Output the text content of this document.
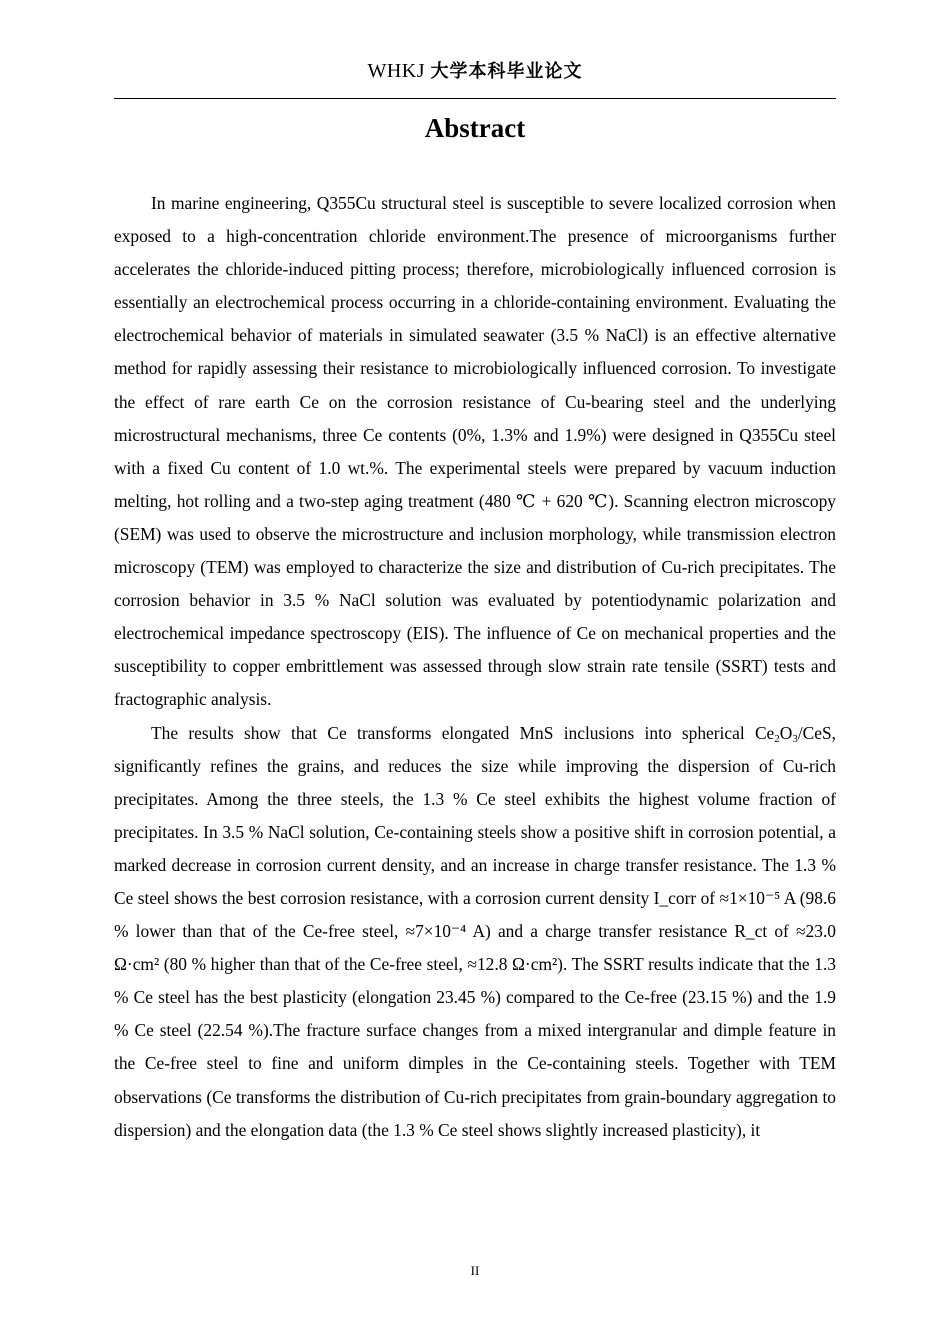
WHKJ 大学本科毕业论文
Abstract

In marine engineering, Q355Cu structural steel is susceptible to severe localized corrosion when exposed to a high-concentration chloride environment.The presence of microorganisms further accelerates the chloride-induced pitting process; therefore, microbiologically influenced corrosion is essentially an electrochemical process occurring in a chloride-containing environment. Evaluating the electrochemical behavior of materials in simulated seawater (3.5 % NaCl) is an effective alternative method for rapidly assessing their resistance to microbiologically influenced corrosion. To investigate the effect of rare earth Ce on the corrosion resistance of Cu-bearing steel and the underlying microstructural mechanisms, three Ce contents (0%, 1.3% and 1.9%) were designed in Q355Cu steel with a fixed Cu content of 1.0 wt.%. The experimental steels were prepared by vacuum induction melting, hot rolling and a two-step aging treatment (480 ℃ + 620 ℃). Scanning electron microscopy (SEM) was used to observe the microstructure and inclusion morphology, while transmission electron microscopy (TEM) was employed to characterize the size and distribution of Cu-rich precipitates. The corrosion behavior in 3.5 % NaCl solution was evaluated by potentiodynamic polarization and electrochemical impedance spectroscopy (EIS). The influence of Ce on mechanical properties and the susceptibility to copper embrittlement was assessed through slow strain rate tensile (SSRT) tests and fractographic analysis.

The results show that Ce transforms elongated MnS inclusions into spherical $Ce_2O_3$/CeS, significantly refines the grains, and reduces the size while improving the dispersion of Cu-rich precipitates. Among the three steels, the 1.3 % Ce steel exhibits the highest volume fraction of precipitates. In 3.5 % NaCl solution, Ce-containing steels show a positive shift in corrosion potential, a marked decrease in corrosion current density, and an increase in charge transfer resistance. The 1.3 % Ce steel shows the best corrosion resistance, with a corrosion current density I_corr of ≈1×10⁻⁵ A (98.6 % lower than that of the Ce-free steel, ≈7×10⁻⁴ A) and a charge transfer resistance R_ct of ≈23.0 Ω·cm² (80 % higher than that of the Ce-free steel, ≈12.8 Ω·cm²). The SSRT results indicate that the 1.3 % Ce steel has the best plasticity (elongation 23.45 %) compared to the Ce-free (23.15 %) and the 1.9 % Ce steel (22.54 %).The fracture surface changes from a mixed intergranular and dimple feature in the Ce-free steel to fine and uniform dimples in the Ce-containing steels. Together with TEM observations (Ce transforms the distribution of Cu-rich precipitates from grain-boundary aggregation to dispersion) and the elongation data (the 1.3 % Ce steel shows slightly increased plasticity), it

II
